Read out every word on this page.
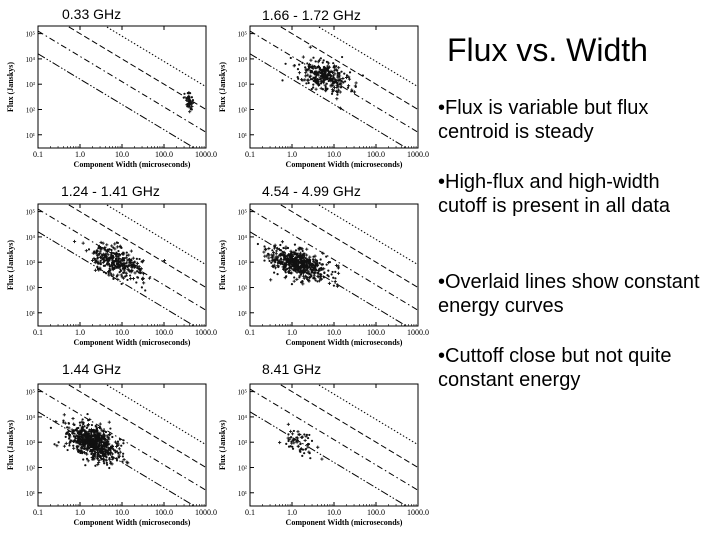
0.33 GHz	1.66 - 1.72 GHz
1.24 - 1.41 GHz	4.54 - 4.99 GHz
1.44 GHz	8.41 GHz
0.1	1.0	10.0	100.0	1000.0
10¹
10²
10³
10⁴
10⁵
Component Width (microseconds)
Flux (Janskys)
0.1	1.0	10.0	100.0	1000.0
10¹
10²
10³
10⁴
10⁵
Component Width (microseconds)
Flux (Janskys)
0.1	1.0	10.0	100.0	1000.0
10¹
10²
10³
10⁴
10⁵
Component Width (microseconds)
Flux (Janskys)
0.1	1.0	10.0	100.0	1000.0
10¹
10²
10³
10⁴
10⁵
Component Width (microseconds)
Flux (Janskys)
0.1	1.0	10.0	100.0	1000.0
10¹
10²
10³
10⁴
10⁵
Component Width (microseconds)
Flux (Janskys)
0.1	1.0	10.0	100.0	1000.0
10¹
10²
10³
10⁴
10⁵
Component Width (microseconds)
Flux (Janskys)
Flux vs. Width

•Flux is variable but flux centroid is steady

•High-flux and high-width cutoff is present in all data

•Overlaid lines show constant energy curves

•Cuttoff close but not quite constant energy
